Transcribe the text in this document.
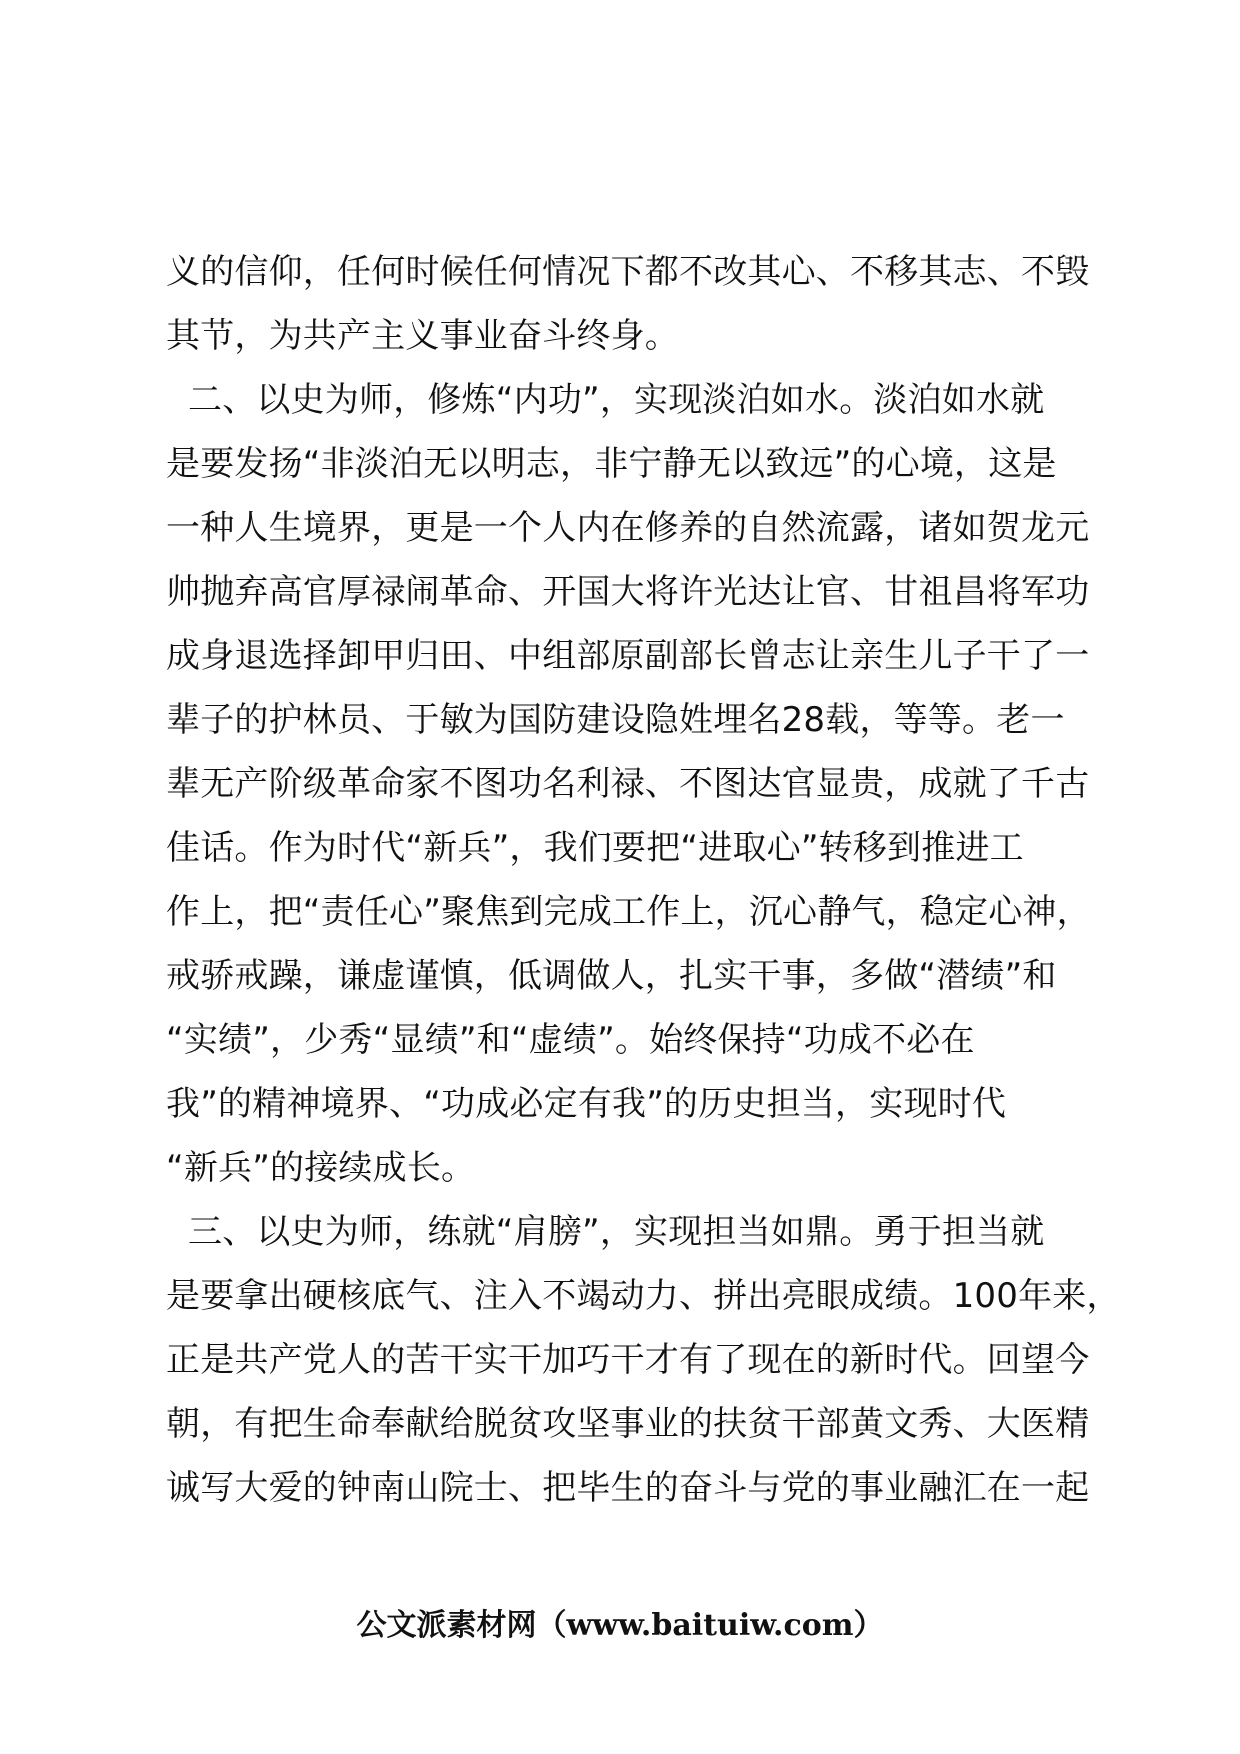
义的信仰，任何时候任何情况下都不改其心、不移其志、不毁
其节，为共产主义事业奋斗终身。
二、以史为师，修炼“内功”，实现淡泊如水。淡泊如水就
是要发扬“非淡泊无以明志，非宁静无以致远”的心境，这是
一种人生境界，更是一个人内在修养的自然流露，诸如贺龙元
帅抛弃高官厚禄闹革命、开国大将许光达让官、甘祖昌将军功
成身退选择卸甲归田、中组部原副部长曾志让亲生儿子干了一
辈子的护林员、于敏为国防建设隐姓埋名28载，等等。老一
辈无产阶级革命家不图功名利禄、不图达官显贵，成就了千古
佳话。作为时代“新兵”，我们要把“进取心”转移到推进工
作上，把“责任心”聚焦到完成工作上，沉心静气，稳定心神，
戒骄戒躁，谦虚谨慎，低调做人，扎实干事，多做“潜绩”和
“实绩”，少秀“显绩”和“虚绩”。始终保持“功成不必在
我”的精神境界、“功成必定有我”的历史担当，实现时代
“新兵”的接续成长。
三、以史为师，练就“肩膀”，实现担当如鼎。勇于担当就
是要拿出硬核底气、注入不竭动力、拼出亮眼成绩。100年来，
正是共产党人的苦干实干加巧干才有了现在的新时代。回望今
朝，有把生命奉献给脱贫攻坚事业的扶贫干部黄文秀、大医精
诚写大爱的钟南山院士、把毕生的奋斗与党的事业融汇在一起
公文派素材网（www.baituiw.com）
